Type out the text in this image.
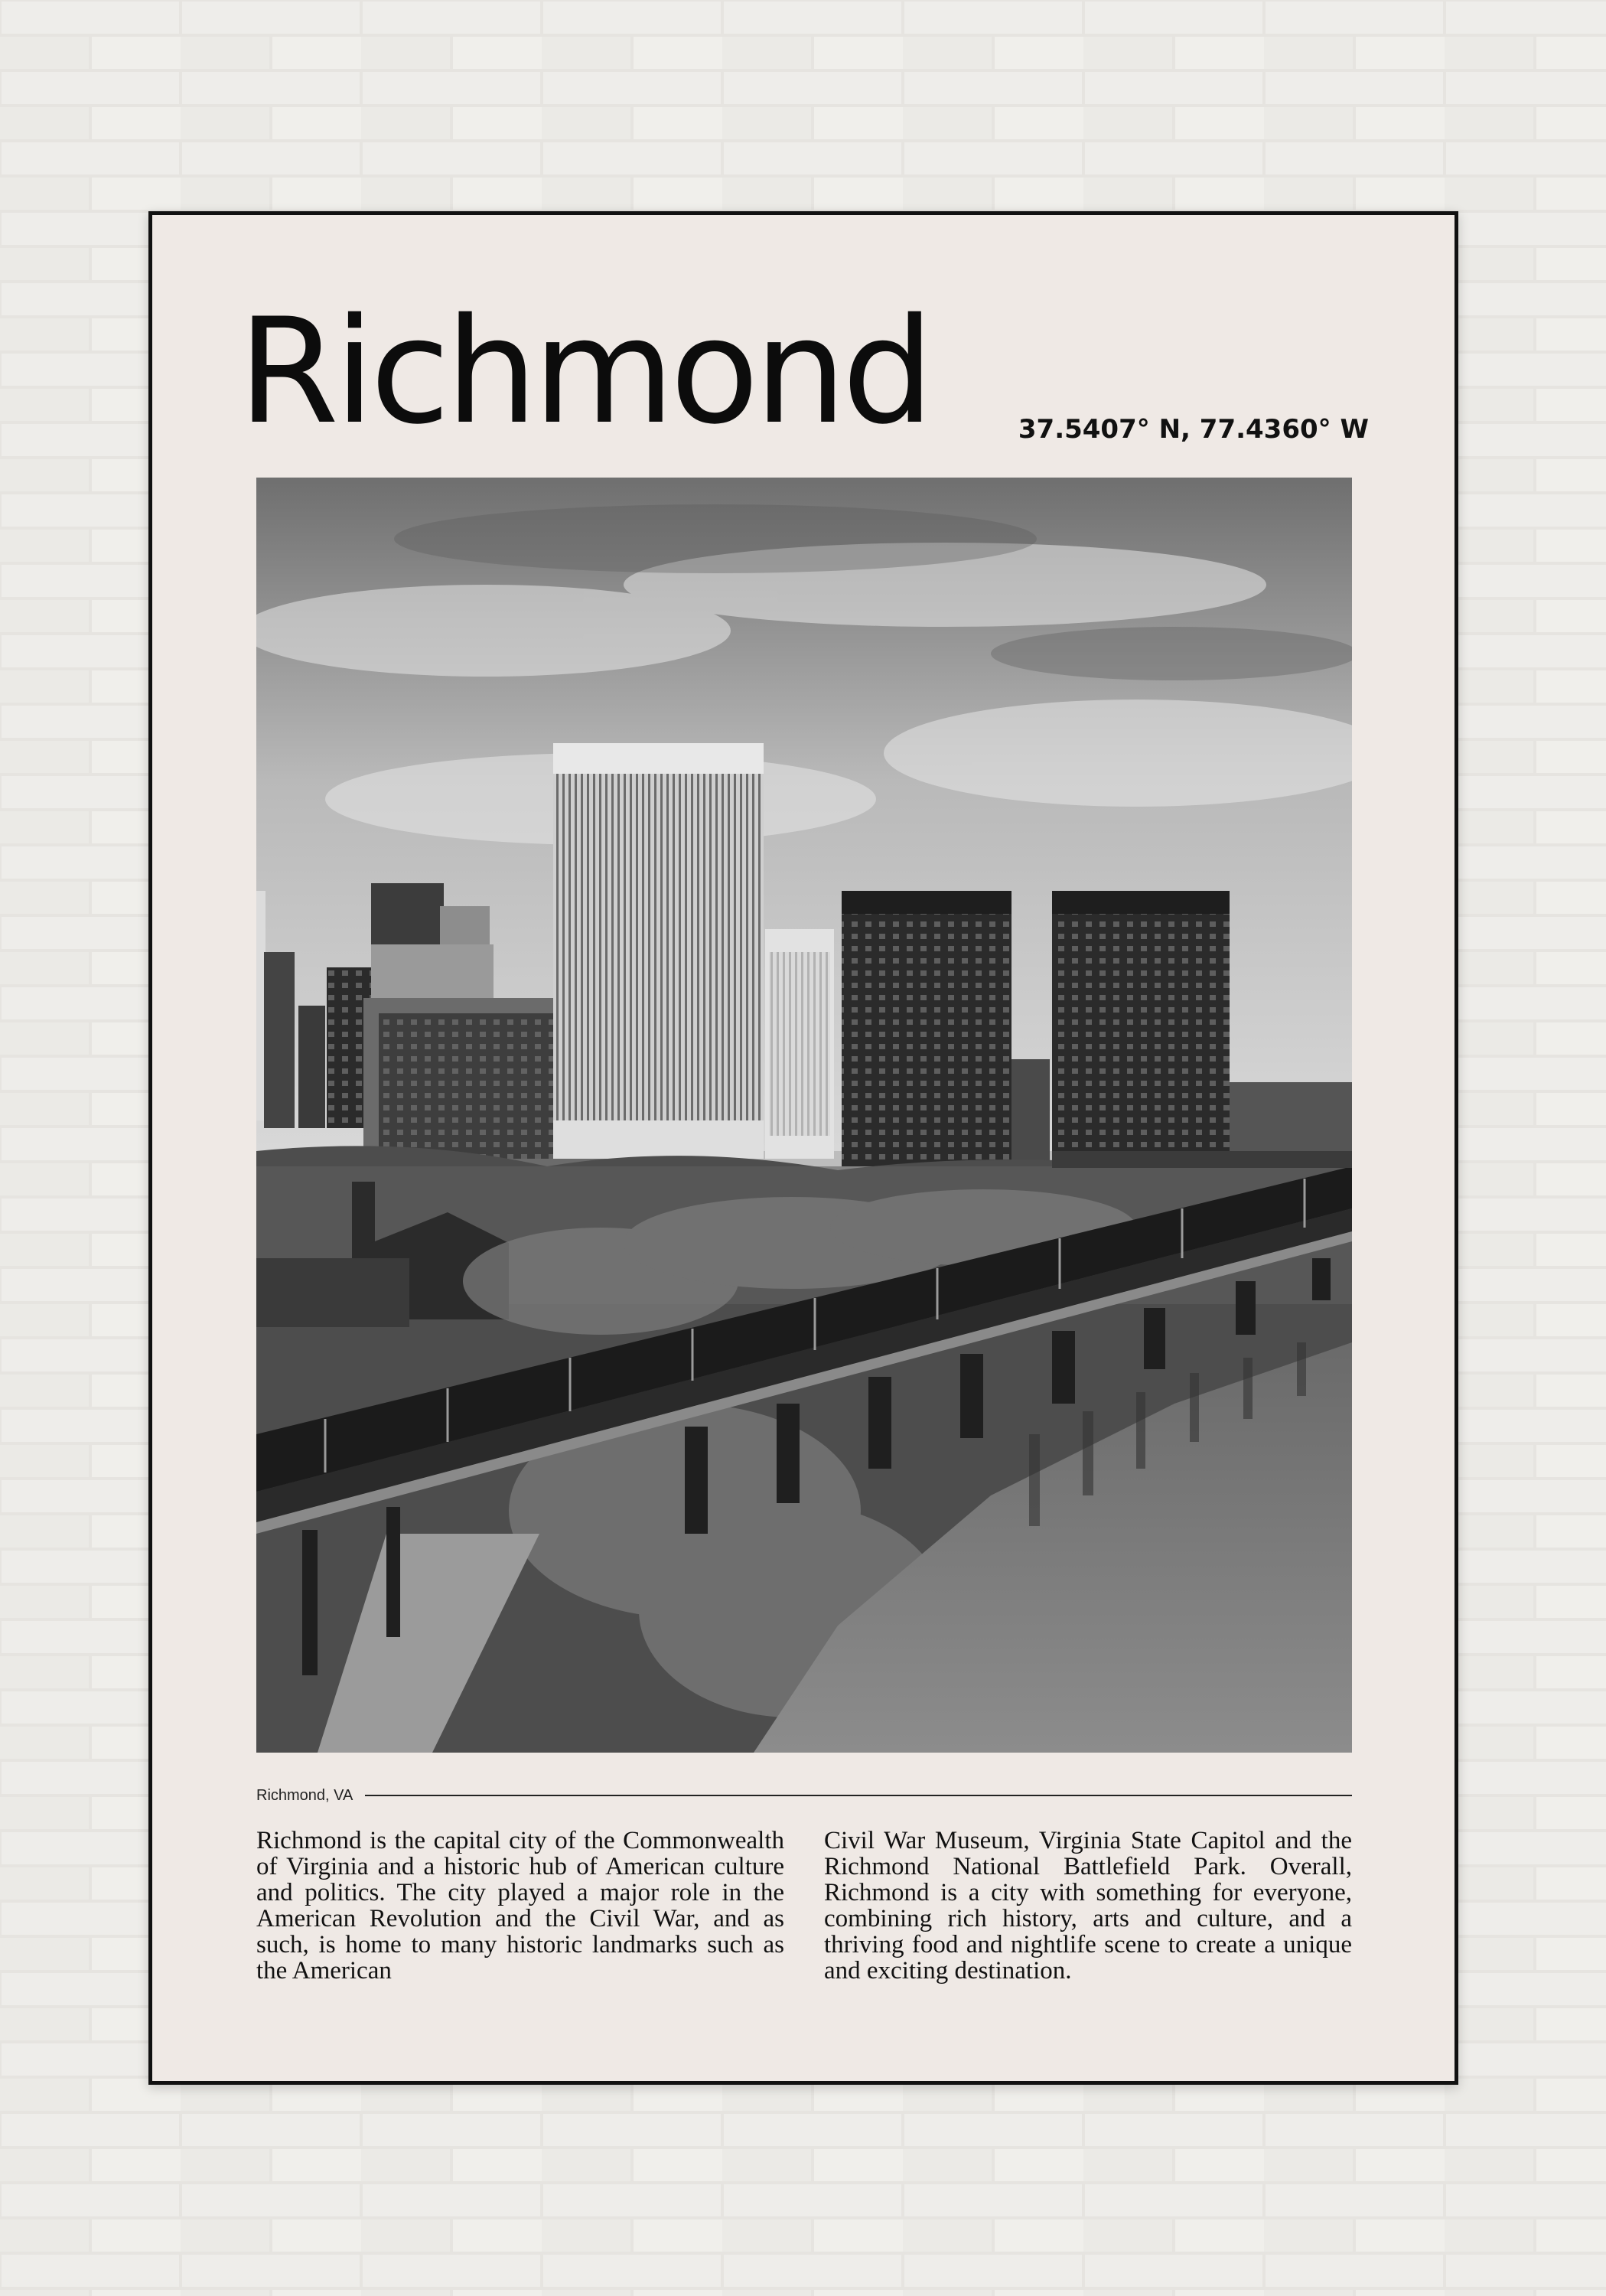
Richmond	37.5407° N, 77.4360° W
Richmond, VA

Richmond is the capital city of the Commonwealth of Virginia and a historic hub of American culture and politics. The city played a major role in the American Revolution and the Civil War, and as such, is home to many historic landmarks such as the American

Civil War Museum, Virginia State Capitol and the Richmond National Battlefield Park. Overall, Richmond is a city with something for everyone, combining rich history, arts and culture, and a thriving food and nightlife scene to create a unique and exciting destination.
